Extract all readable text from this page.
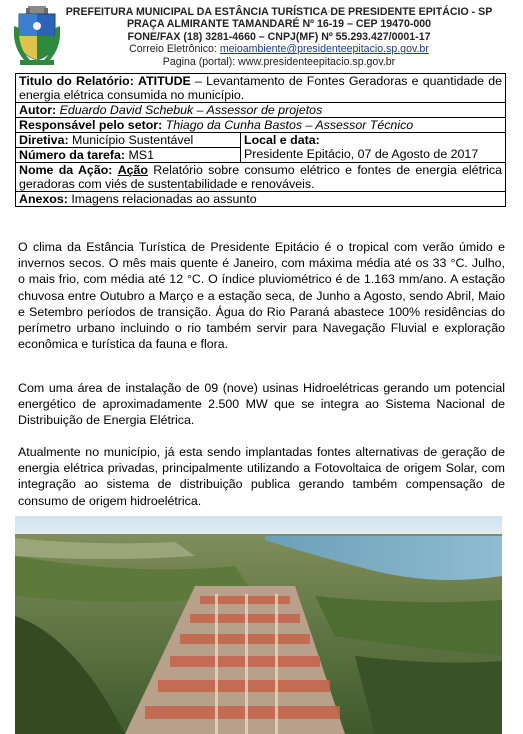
PREFEITURA MUNICIPAL DA ESTÂNCIA TURÍSTICA DE PRESIDENTE EPITÁCIO - SP
PRAÇA ALMIRANTE TAMANDARÉ Nº 16-19 – CEP 19470-000
FONE/FAX (18) 3281-4660 – CNPJ(MF) Nº 55.293.427/0001-17
Correio Eletrônico: meioambiente@presidenteepitacio.sp.gov.br
Pagina (portal): www.presidenteepitacio.sp.gov.br
Titulo do Relatório: ATITUDE – Levantamento de Fontes Geradoras e quantidade de energia elétrica consumida no município.
Autor: Eduardo David Schebuk – Assessor de projetos
Responsável pelo setor: Thiago da Cunha Bastos – Assessor Técnico
Diretiva: Município Sustentável	Local e data:
Presidente Epitácio, 07 de Agosto de 2017

Número da tarefa: MS1
Nome da Ação: Ação Relatório sobre consumo elétrico e fontes de energia elétrica geradoras com viés de sustentabilidade e renováveis.
Anexos: Imagens relacionadas ao assunto
O clima da Estância Turística de Presidente Epitácio é o tropical com verão úmido e invernos secos. O mês mais quente é Janeiro, com máxima média até os 33 °C. Julho, o mais frio, com média até 12 °C. O índice pluviométrico é de 1.163 mm/ano. A estação chuvosa entre Outubro a Março e a estação seca, de Junho a Agosto, sendo Abril, Maio e Setembro períodos de transição. Água do Rio Paraná abastece 100% residências do perímetro urbano incluindo o rio também servir para Navegação Fluvial e exploração econômica e turística da fauna e flora.
Com uma área de instalação de 09 (nove) usinas Hidroelétricas gerando um potencial energético de aproximadamente 2.500 MW que se integra ao Sistema Nacional de Distribuição de Energia Elétrica.
Atualmente no município, já esta sendo implantadas fontes alternativas de geração de energia elétrica privadas, principalmente utilizando a Fotovoltaica de origem Solar, com integração ao sistema de distribuição publica gerando também compensação de consumo de origem hidroelétrica.
